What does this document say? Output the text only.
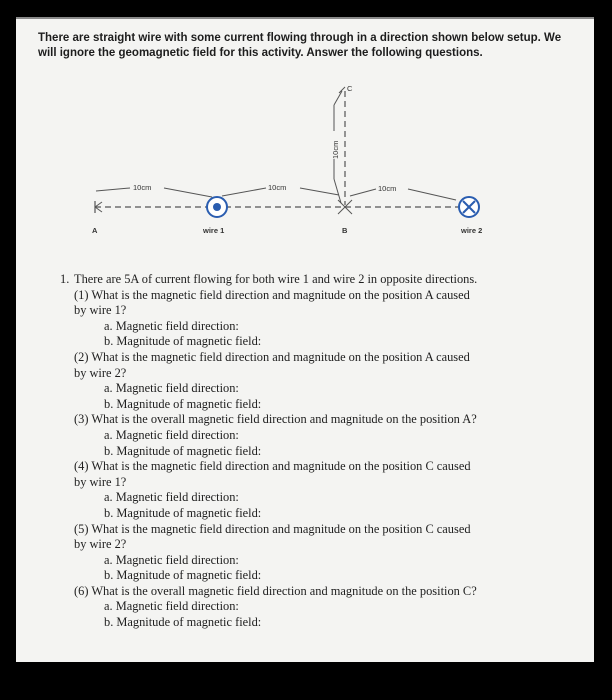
There are straight wire with some current flowing through in a direction shown below setup. We will ignore the geomagnetic field for this activity. Answer the following questions.

10cm	10cm	10cm
10cm
C
A	wire 1	B	wire 2
1. There are 5A of current flowing for both wire 1 and wire 2 in opposite directions.
(1) What is the magnetic field direction and magnitude on the position A caused
by wire 1?
a. Magnetic field direction:
b. Magnitude of magnetic field:
(2) What is the magnetic field direction and magnitude on the position A caused
by wire 2?
a. Magnetic field direction:
b. Magnitude of magnetic field:
(3) What is the overall magnetic field direction and magnitude on the position A?
a. Magnetic field direction:
b. Magnitude of magnetic field:
(4) What is the magnetic field direction and magnitude on the position C caused
by wire 1?
a. Magnetic field direction:
b. Magnitude of magnetic field:
(5) What is the magnetic field direction and magnitude on the position C caused
by wire 2?
a. Magnetic field direction:
b. Magnitude of magnetic field:
(6) What is the overall magnetic field direction and magnitude on the position C?
a. Magnetic field direction:
b. Magnitude of magnetic field:
